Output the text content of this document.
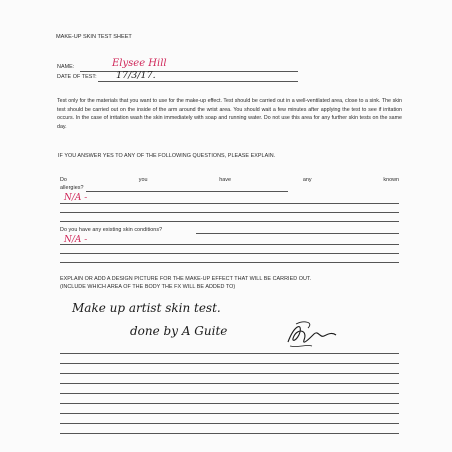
MAKE-UP SKIN TEST SHEET
NAME:	Elysee Hill
DATE OF TEST: 17/3/17.
Test only for the materials that you want to use for the make-up effect. Test should be carried out in a well-ventilated area, close to a sink. The skin test should be carried out on the inside of the arm around the wrist area. You should wait a few minutes after applying the test to see if irritation occurs. In the case of irritation wash the skin immediately with soap and running water. Do not use this area for any further skin tests on the same day.
IF YOU ANSWER YES TO ANY OF THE FOLLOWING QUESTIONS, PLEASE EXPLAIN.
Do	you	have	any	known
allergies?
N/A -
Do you have any existing skin conditions?
N/A -
EXPLAIN OR ADD A DESIGN PICTURE FOR THE MAKE-UP EFFECT THAT WILL BE CARRIED OUT.
(INCLUDE WHICH AREA OF THE BODY THE FX WILL BE ADDED TO)
Make up artist skin test.
done by A Guite
